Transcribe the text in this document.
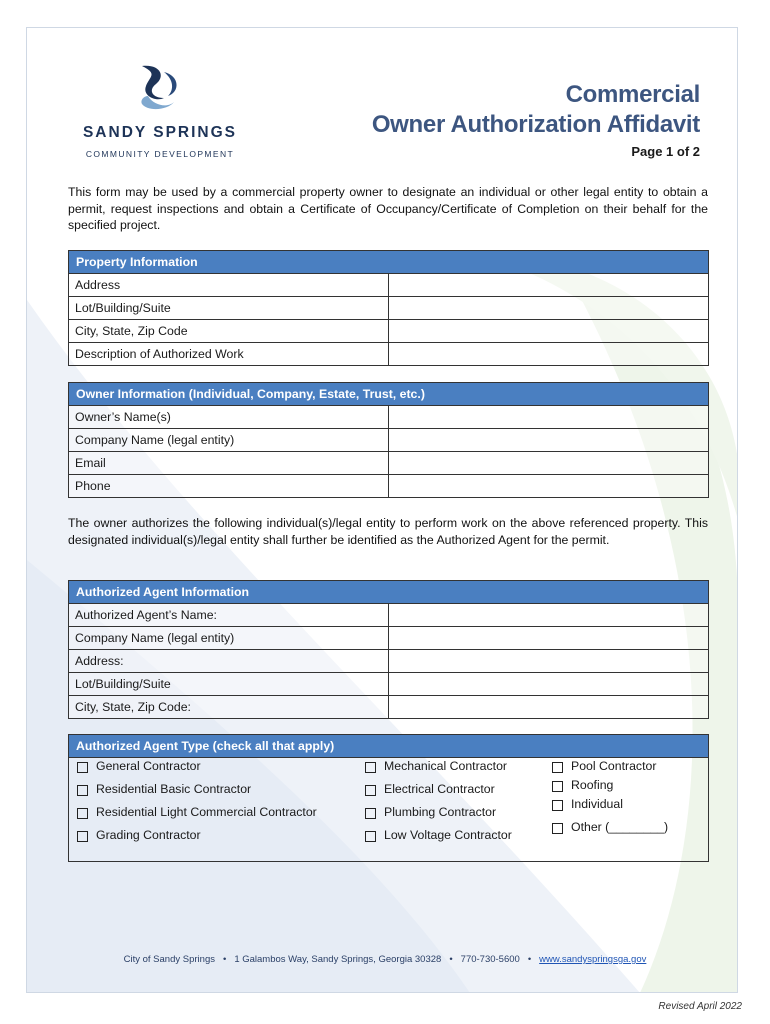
SANDY SPRINGS
COMMUNITY DEVELOPMENT
Commercial
Owner Authorization Affidavit
Page 1 of 2
This form may be used by a commercial property owner to designate an individual or other legal entity to obtain a permit, request inspections and obtain a Certificate of Occupancy/Certificate of Completion on their behalf for the specified project.
Property Information	
Address	
Lot/Building/Suite	
City, State, Zip Code	
Description of Authorized Work	
Owner Information (Individual, Company, Estate, Trust, etc.)	
Owner’s Name(s)	
Company Name (legal entity)	
Email	
Phone	
The owner authorizes the following individual(s)/legal entity to perform work on the above referenced property. This designated individual(s)/legal entity shall further be identified as the Authorized Agent for the permit.
Authorized Agent Information	
Authorized Agent’s Name:	
Company Name (legal entity)	
Address:	
Lot/Building/Suite	
City, State, Zip Code:	
Authorized Agent Type (check all that apply)
General Contractor
Residential Basic Contractor
Residential Light Commercial Contractor
Grading Contractor
Mechanical Contractor
Electrical Contractor
Plumbing Contractor
Low Voltage Contractor
Pool Contractor
Roofing
Individual
Other (________)
City of Sandy Springs • 1 Galambos Way, Sandy Springs, Georgia 30328 • 770-730-5600 • www.sandyspringsga.gov
Revised April 2022
